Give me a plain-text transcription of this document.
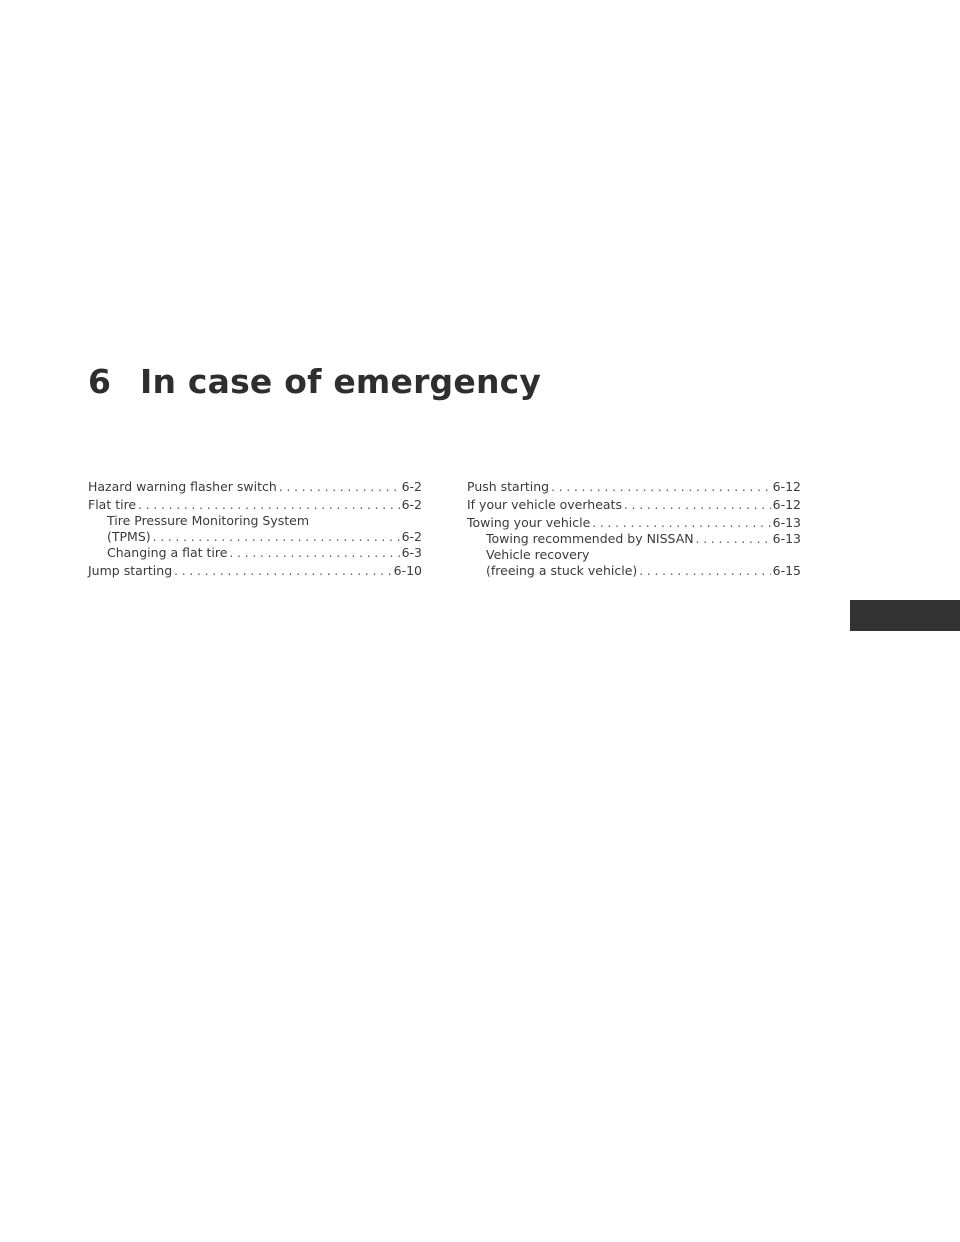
6 In case of emergency
Hazard warning flasher switch . . .	6-2
Flat tire . . .	6-2
Tire Pressure Monitoring System
(TPMS) . . .	6-2
Changing a flat tire . . .	6-3
Jump starting . . .	6-10
Push starting . . .	6-12
If your vehicle overheats . . .	6-12
Towing your vehicle . . .	6-13
Towing recommended by NISSAN . . .	6-13
Vehicle recovery
(freeing a stuck vehicle) . . .	6-15
